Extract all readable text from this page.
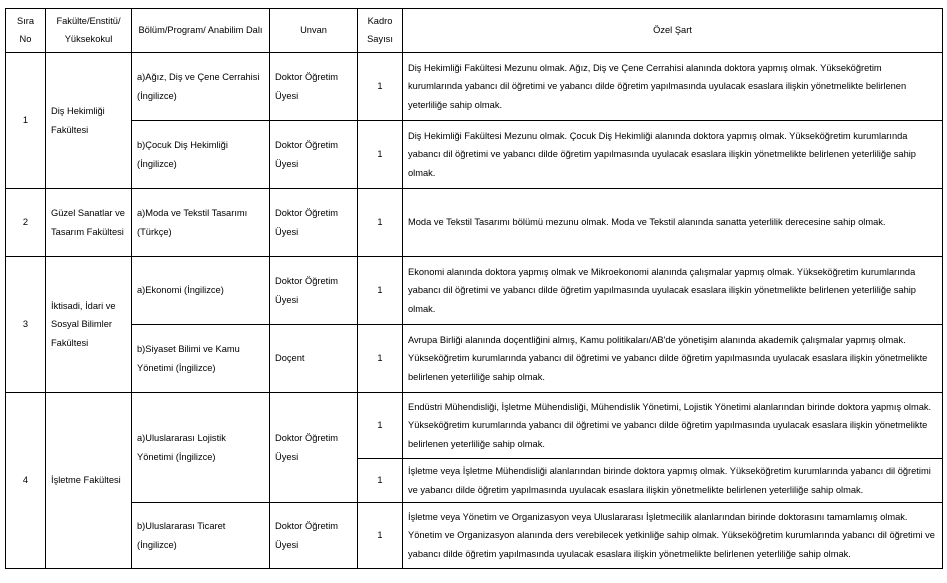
Sıra No	Fakülte/Enstitü/ Yüksekokul	Bölüm/Program/ Anabilim Dalı	Unvan	Kadro Sayısı	Özel Şart
1	Diş Hekimliği Fakültesi	a)Ağız, Diş ve Çene Cerrahisi (İngilizce)	Doktor Öğretim Üyesi	1	Diş Hekimliği Fakültesi Mezunu olmak. Ağız, Diş ve Çene Cerrahisi alanında doktora yapmış olmak. Yükseköğretim kurumlarında yabancı dil öğretimi ve yabancı dilde öğretim yapılmasında uyulacak esaslara ilişkin yönetmelikte belirlenen yeterliliğe sahip olmak.
		b)Çocuk Diş Hekimliği (İngilizce)	Doktor Öğretim Üyesi	1	Diş Hekimliği Fakültesi Mezunu olmak. Çocuk Diş Hekimliği alanında doktora yapmış olmak. Yükseköğretim kurumlarında yabancı dil öğretimi ve yabancı dilde öğretim yapılmasında uyulacak esaslara ilişkin yönetmelikte belirlenen yeterliliğe sahip olmak.
2	Güzel Sanatlar ve Tasarım Fakültesi	a)Moda ve Tekstil Tasarımı (Türkçe)	Doktor Öğretim Üyesi	1	Moda ve Tekstil Tasarımı bölümü mezunu olmak. Moda ve Tekstil alanında sanatta yeterlilik derecesine sahip olmak.
3	İktisadi, İdari ve Sosyal Bilimler Fakültesi	a)Ekonomi (İngilizce)	Doktor Öğretim Üyesi	1	Ekonomi alanında doktora yapmış olmak ve Mikroekonomi alanında çalışmalar yapmış olmak. Yükseköğretim kurumlarında yabancı dil öğretimi ve yabancı dilde öğretim yapılmasında uyulacak esaslara ilişkin yönetmelikte belirlenen yeterliliğe sahip olmak.
		b)Siyaset Bilimi ve Kamu Yönetimi (İngilizce)	Doçent	1	Avrupa Birliği alanında doçentliğini almış, Kamu politikaları/AB'de yönetişim alanında akademik çalışmalar yapmış olmak. Yükseköğretim kurumlarında yabancı dil öğretimi ve yabancı dilde öğretim yapılmasında uyulacak esaslara ilişkin yönetmelikte belirlenen yeterliliğe sahip olmak.
4	İşletme Fakültesi	a)Uluslararası Lojistik Yönetimi (İngilizce)	Doktor Öğretim Üyesi	1	Endüstri Mühendisliği, İşletme Mühendisliği, Mühendislik Yönetimi, Lojistik Yönetimi alanlarından birinde doktora yapmış olmak. Yükseköğretim kurumlarında yabancı dil öğretimi ve yabancı dilde öğretim yapılmasında uyulacak esaslara ilişkin yönetmelikte belirlenen yeterliliğe sahip olmak.
				1	İşletme veya İşletme Mühendisliği alanlarından birinde doktora yapmış olmak. Yükseköğretim kurumlarında yabancı dil öğretimi ve yabancı dilde öğretim yapılmasında uyulacak esaslara ilişkin yönetmelikte belirlenen yeterliliğe sahip olmak.
		b)Uluslararası Ticaret (İngilizce)	Doktor Öğretim Üyesi	1	İşletme veya Yönetim ve Organizasyon veya Uluslararası İşletmecilik alanlarından birinde doktorasını tamamlamış olmak. Yönetim ve Organizasyon alanında ders verebilecek yetkinliğe sahip olmak. Yükseköğretim kurumlarında yabancı dil öğretimi ve yabancı dilde öğretim yapılmasında uyulacak esaslara ilişkin yönetmelikte belirlenen yeterliliğe sahip olmak.
